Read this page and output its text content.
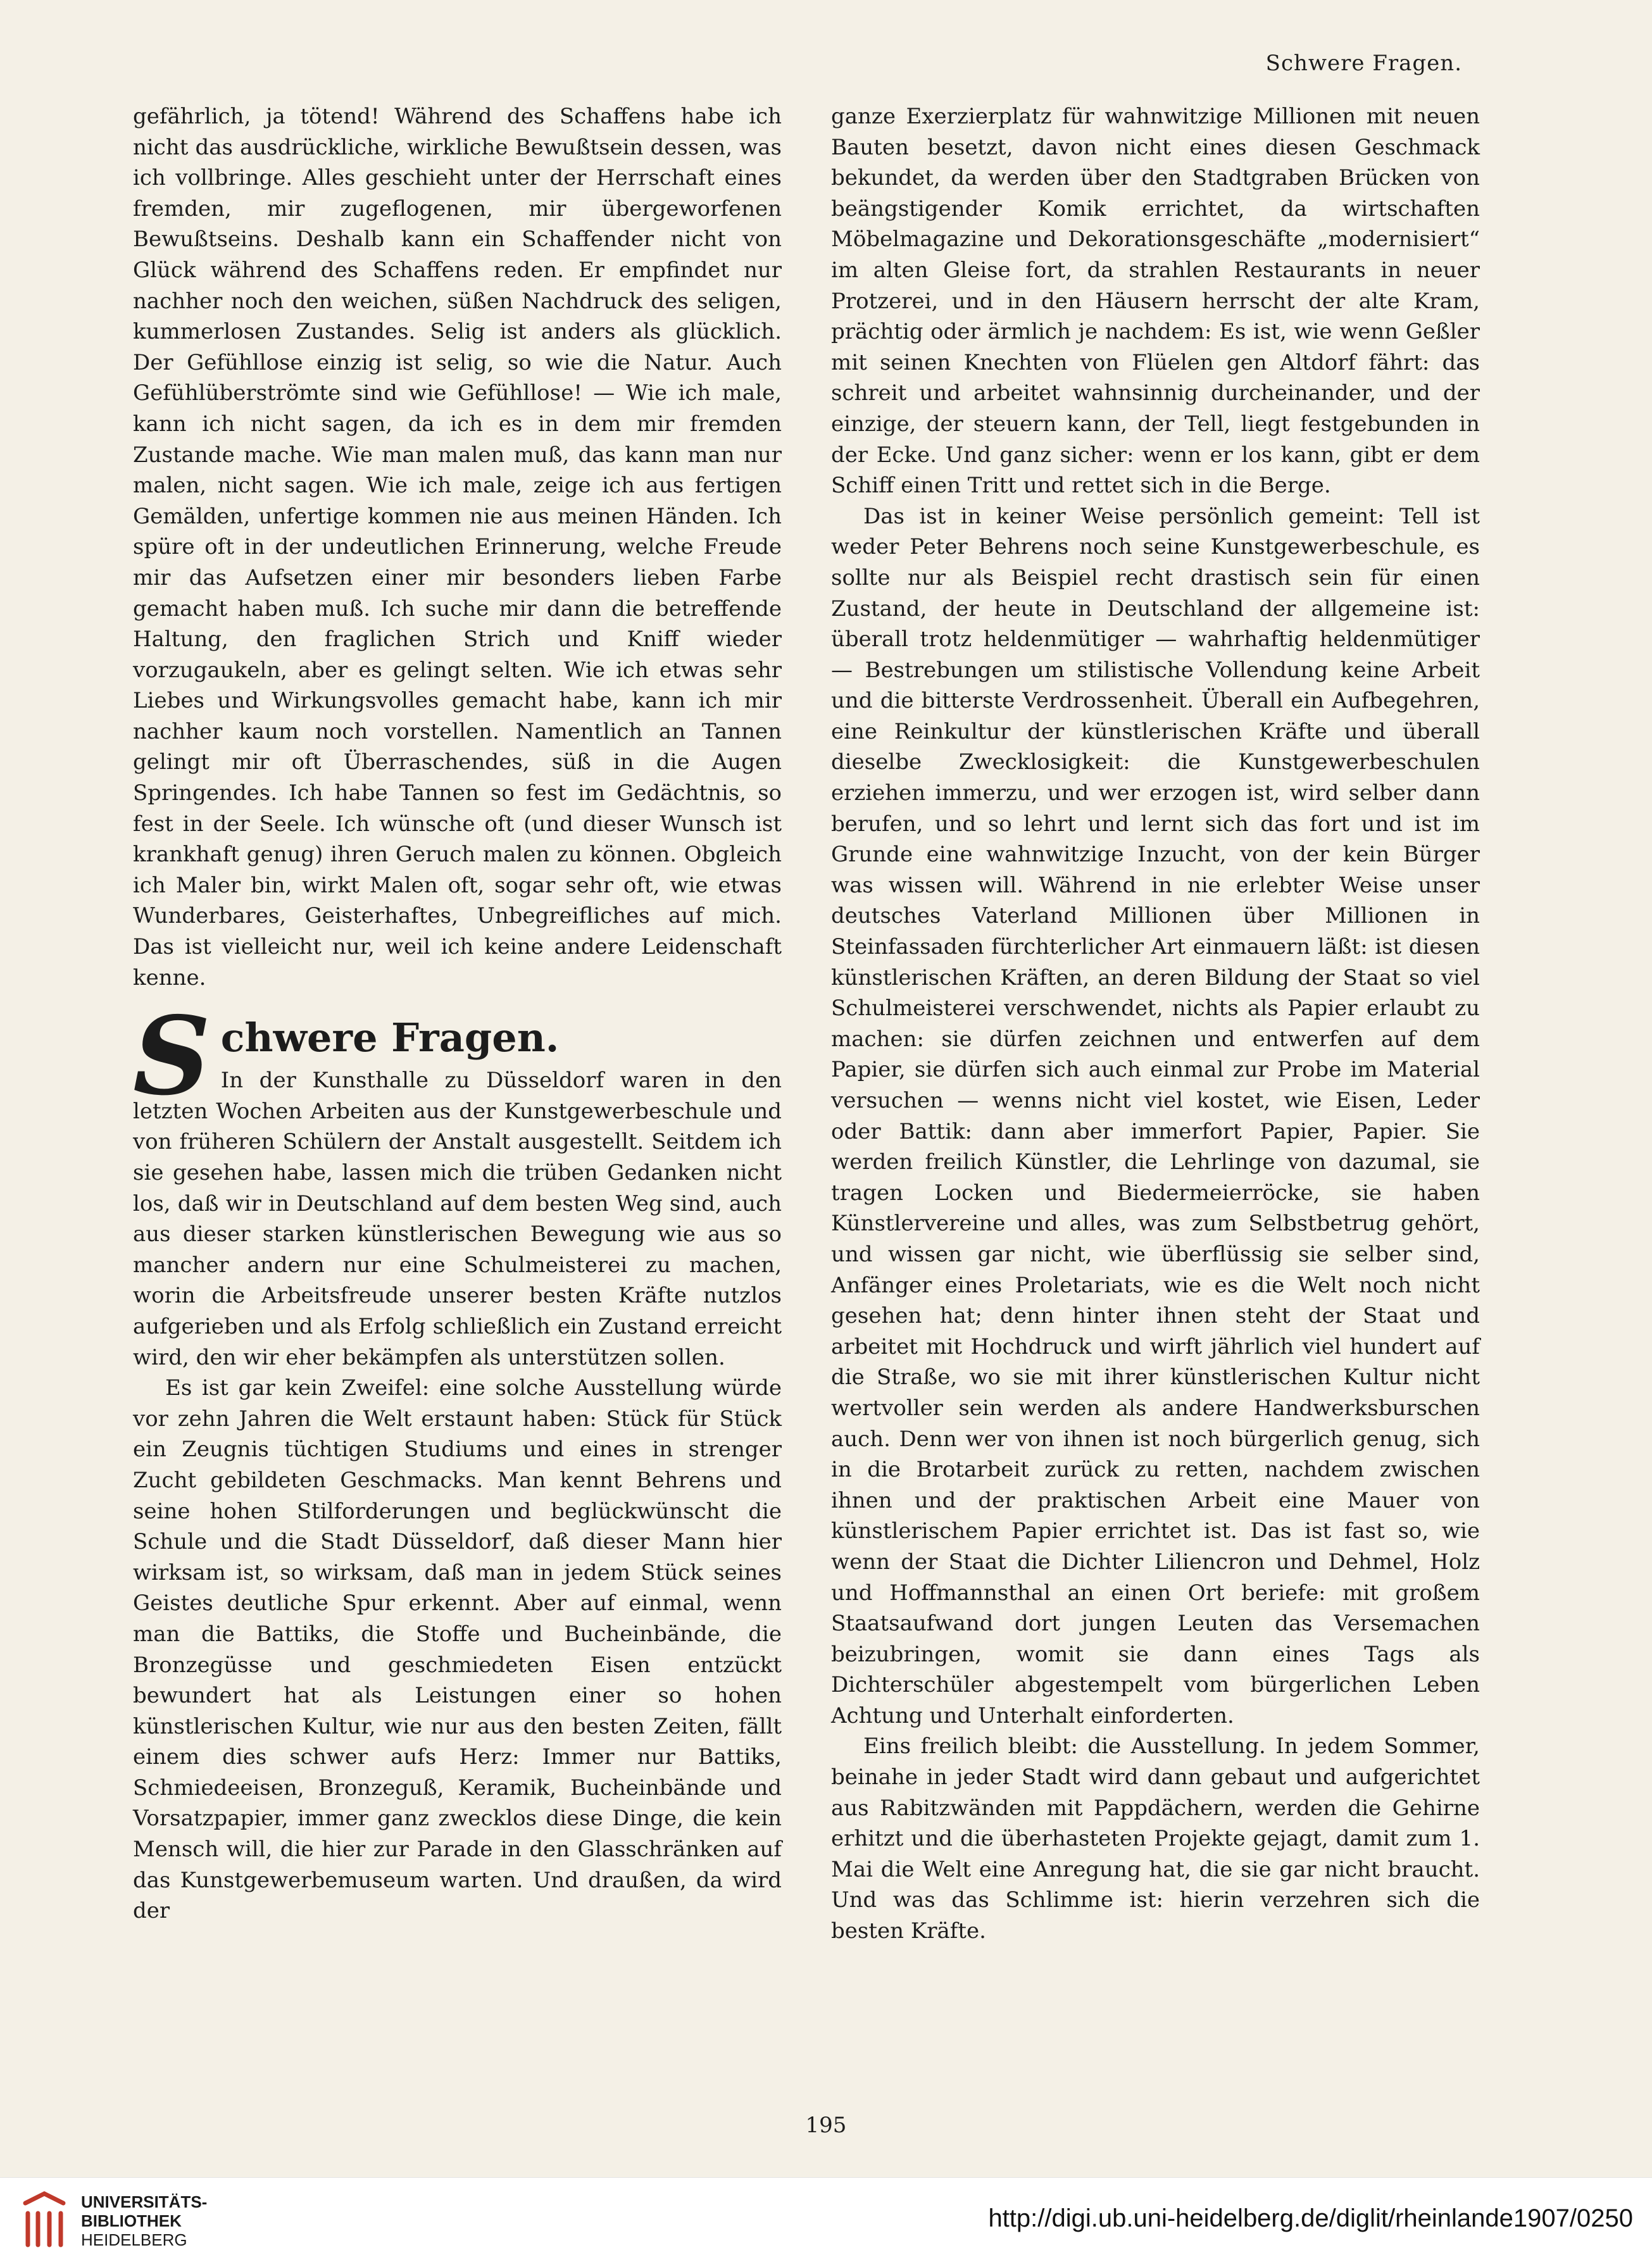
Schwere Fragen.

gefährlich, ja tötend! Während des Schaffens habe ich nicht das ausdrückliche, wirkliche Bewußtsein dessen, was ich vollbringe. Alles geschieht unter der Herrschaft eines fremden, mir zugeflogenen, mir übergeworfenen Bewußtseins. Deshalb kann ein Schaffender nicht von Glück während des Schaffens reden. Er empfindet nur nachher noch den weichen, süßen Nachdruck des seligen, kummerlosen Zustandes. Selig ist anders als glücklich. Der Gefühllose einzig ist selig, so wie die Natur. Auch Gefühlüberströmte sind wie Gefühllose! — Wie ich male, kann ich nicht sagen, da ich es in dem mir fremden Zustande mache. Wie man malen muß, das kann man nur malen, nicht sagen. Wie ich male, zeige ich aus fertigen Gemälden, unfertige kommen nie aus meinen Händen. Ich spüre oft in der undeutlichen Erinnerung, welche Freude mir das Aufsetzen einer mir besonders lieben Farbe gemacht haben muß. Ich suche mir dann die betreffende Haltung, den fraglichen Strich und Kniff wieder vorzugaukeln, aber es gelingt selten. Wie ich etwas sehr Liebes und Wirkungsvolles gemacht habe, kann ich mir nachher kaum noch vorstellen. Namentlich an Tannen gelingt mir oft Überraschendes, süß in die Augen Springendes. Ich habe Tannen so fest im Gedächtnis, so fest in der Seele. Ich wünsche oft (und dieser Wunsch ist krankhaft genug) ihren Geruch malen zu können. Obgleich ich Maler bin, wirkt Malen oft, sogar sehr oft, wie etwas Wunderbares, Geisterhaftes, Unbegreifliches auf mich. Das ist vielleicht nur, weil ich keine andere Leidenschaft kenne.

S chwere Fragen.

In der Kunsthalle zu Düsseldorf waren in den letzten Wochen Arbeiten aus der Kunstgewerbeschule und von früheren Schülern der Anstalt ausgestellt. Seitdem ich sie gesehen habe, lassen mich die trüben Gedanken nicht los, daß wir in Deutschland auf dem besten Weg sind, auch aus dieser starken künstlerischen Bewegung wie aus so mancher andern nur eine Schulmeisterei zu machen, worin die Arbeitsfreude unserer besten Kräfte nutzlos aufgerieben und als Erfolg schließlich ein Zustand erreicht wird, den wir eher bekämpfen als unterstützen sollen.

Es ist gar kein Zweifel: eine solche Ausstellung würde vor zehn Jahren die Welt erstaunt haben: Stück für Stück ein Zeugnis tüchtigen Studiums und eines in strenger Zucht gebildeten Geschmacks. Man kennt Behrens und seine hohen Stilforderungen und beglückwünscht die Schule und die Stadt Düsseldorf, daß dieser Mann hier wirksam ist, so wirksam, daß man in jedem Stück seines Geistes deutliche Spur erkennt. Aber auf einmal, wenn man die Battiks, die Stoffe und Bucheinbände, die Bronzegüsse und geschmiedeten Eisen entzückt bewundert hat als Leistungen einer so hohen künstlerischen Kultur, wie nur aus den besten Zeiten, fällt einem dies schwer aufs Herz: Immer nur Battiks, Schmiedeeisen, Bronzeguß, Keramik, Bucheinbände und Vorsatzpapier, immer ganz zwecklos diese Dinge, die kein Mensch will, die hier zur Parade in den Glasschränken auf das Kunstgewerbemuseum warten. Und draußen, da wird der

ganze Exerzierplatz für wahnwitzige Millionen mit neuen Bauten besetzt, davon nicht eines diesen Geschmack bekundet, da werden über den Stadtgraben Brücken von beängstigender Komik errichtet, da wirtschaften Möbelmagazine und Dekorationsgeschäfte „modernisiert“ im alten Gleise fort, da strahlen Restaurants in neuer Protzerei, und in den Häusern herrscht der alte Kram, prächtig oder ärmlich je nachdem: Es ist, wie wenn Geßler mit seinen Knechten von Flüelen gen Altdorf fährt: das schreit und arbeitet wahnsinnig durcheinander, und der einzige, der steuern kann, der Tell, liegt festgebunden in der Ecke. Und ganz sicher: wenn er los kann, gibt er dem Schiff einen Tritt und rettet sich in die Berge.

Das ist in keiner Weise persönlich gemeint: Tell ist weder Peter Behrens noch seine Kunstgewerbeschule, es sollte nur als Beispiel recht drastisch sein für einen Zustand, der heute in Deutschland der allgemeine ist: überall trotz heldenmütiger — wahrhaftig heldenmütiger — Bestrebungen um stilistische Vollendung keine Arbeit und die bitterste Verdrossenheit. Überall ein Aufbegehren, eine Reinkultur der künstlerischen Kräfte und überall dieselbe Zwecklosigkeit: die Kunstgewerbeschulen erziehen immerzu, und wer erzogen ist, wird selber dann berufen, und so lehrt und lernt sich das fort und ist im Grunde eine wahnwitzige Inzucht, von der kein Bürger was wissen will. Während in nie erlebter Weise unser deutsches Vaterland Millionen über Millionen in Steinfassaden fürchterlicher Art einmauern läßt: ist diesen künstlerischen Kräften, an deren Bildung der Staat so viel Schulmeisterei verschwendet, nichts als Papier erlaubt zu machen: sie dürfen zeichnen und entwerfen auf dem Papier, sie dürfen sich auch einmal zur Probe im Material versuchen — wenns nicht viel kostet, wie Eisen, Leder oder Battik: dann aber immerfort Papier, Papier. Sie werden freilich Künstler, die Lehrlinge von dazumal, sie tragen Locken und Biedermeierröcke, sie haben Künstlervereine und alles, was zum Selbstbetrug gehört, und wissen gar nicht, wie überflüssig sie selber sind, Anfänger eines Proletariats, wie es die Welt noch nicht gesehen hat; denn hinter ihnen steht der Staat und arbeitet mit Hochdruck und wirft jährlich viel hundert auf die Straße, wo sie mit ihrer künstlerischen Kultur nicht wertvoller sein werden als andere Handwerksburschen auch. Denn wer von ihnen ist noch bürgerlich genug, sich in die Brotarbeit zurück zu retten, nachdem zwischen ihnen und der praktischen Arbeit eine Mauer von künstlerischem Papier errichtet ist. Das ist fast so, wie wenn der Staat die Dichter Liliencron und Dehmel, Holz und Hoffmannsthal an einen Ort beriefe: mit großem Staatsaufwand dort jungen Leuten das Versemachen beizubringen, womit sie dann eines Tags als Dichterschüler abgestempelt vom bürgerlichen Leben Achtung und Unterhalt einforderten.

Eins freilich bleibt: die Ausstellung. In jedem Sommer, beinahe in jeder Stadt wird dann gebaut und aufgerichtet aus Rabitzwänden mit Pappdächern, werden die Gehirne erhitzt und die überhasteten Projekte gejagt, damit zum 1. Mai die Welt eine Anregung hat, die sie gar nicht braucht. Und was das Schlimme ist: hierin verzehren sich die besten Kräfte.

195
UNIVERSITÄTS-
BIBLIOTHEK
HEIDELBERG
http://digi.ub.uni-heidelberg.de/diglit/rheinlande1907/0250
